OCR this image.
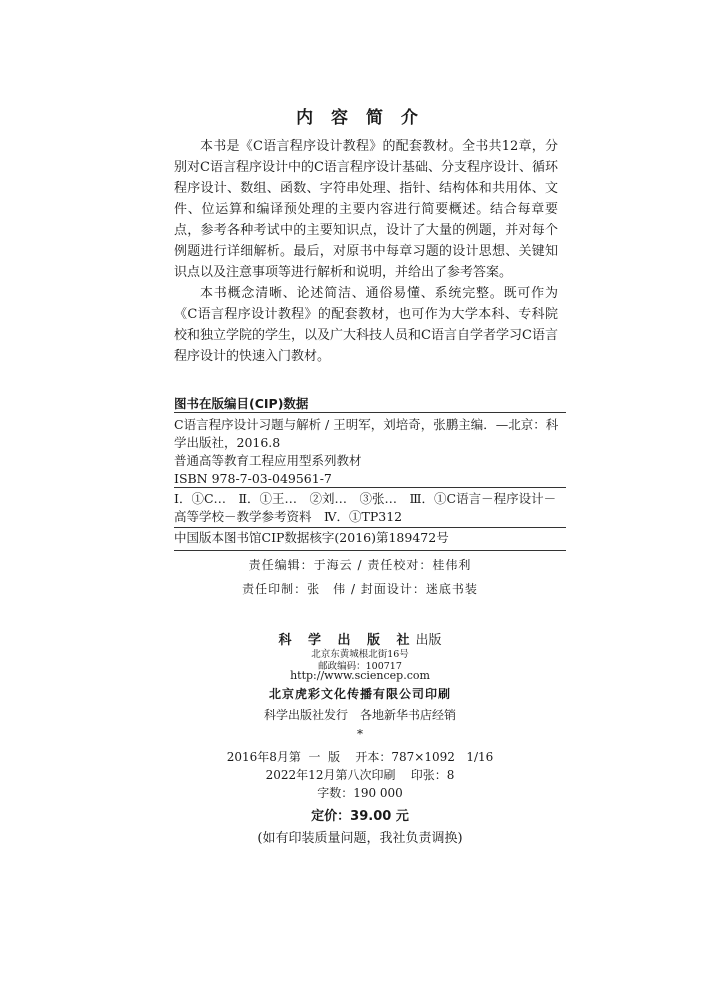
内 容 简 介

本书是《C语言程序设计教程》的配套教材。全书共12章，分别对C语言程序设计中的C语言程序设计基础、分支程序设计、循环程序设计、数组、函数、字符串处理、指针、结构体和共用体、文件、位运算和编译预处理的主要内容进行简要概述。结合每章要点，参考各种考试中的主要知识点，设计了大量的例题，并对每个例题进行详细解析。最后，对原书中每章习题的设计思想、关键知识点以及注意事项等进行解析和说明，并给出了参考答案。

本书概念清晰、论述简洁、通俗易懂、系统完整。既可作为《C语言程序设计教程》的配套教材，也可作为大学本科、专科院校和独立学院的学生，以及广大科技人员和C语言自学者学习C语言程序设计的快速入门教材。

图书在版编目(CIP)数据

C语言程序设计习题与解析 / 王明军，刘培奇，张鹏主编．—北京：科学出版社，2016.8

普通高等教育工程应用型系列教材

ISBN 978-7-03-049561-7

Ⅰ．①C…　Ⅱ．①王…　②刘…　③张…　Ⅲ．①C语言－程序设计－高等学校－教学参考资料　Ⅳ．①TP312
中国版本图书馆CIP数据核字(2016)第189472号
责任编辑：于海云 / 责任校对：桂伟利
责任印制：张　伟 / 封面设计：迷底书装
科 学 出 版 社出版
北京东黄城根北街16号
邮政编码：100717
http://www.sciencep.com
北京虎彩文化传播有限公司印刷
科学出版社发行　各地新华书店经销
*
2016年8月第  一  版    开本：787×1092   1/16
2022年12月第八次印刷    印张：8
字数：190 000
定价：39.00 元
(如有印装质量问题，我社负责调换)
